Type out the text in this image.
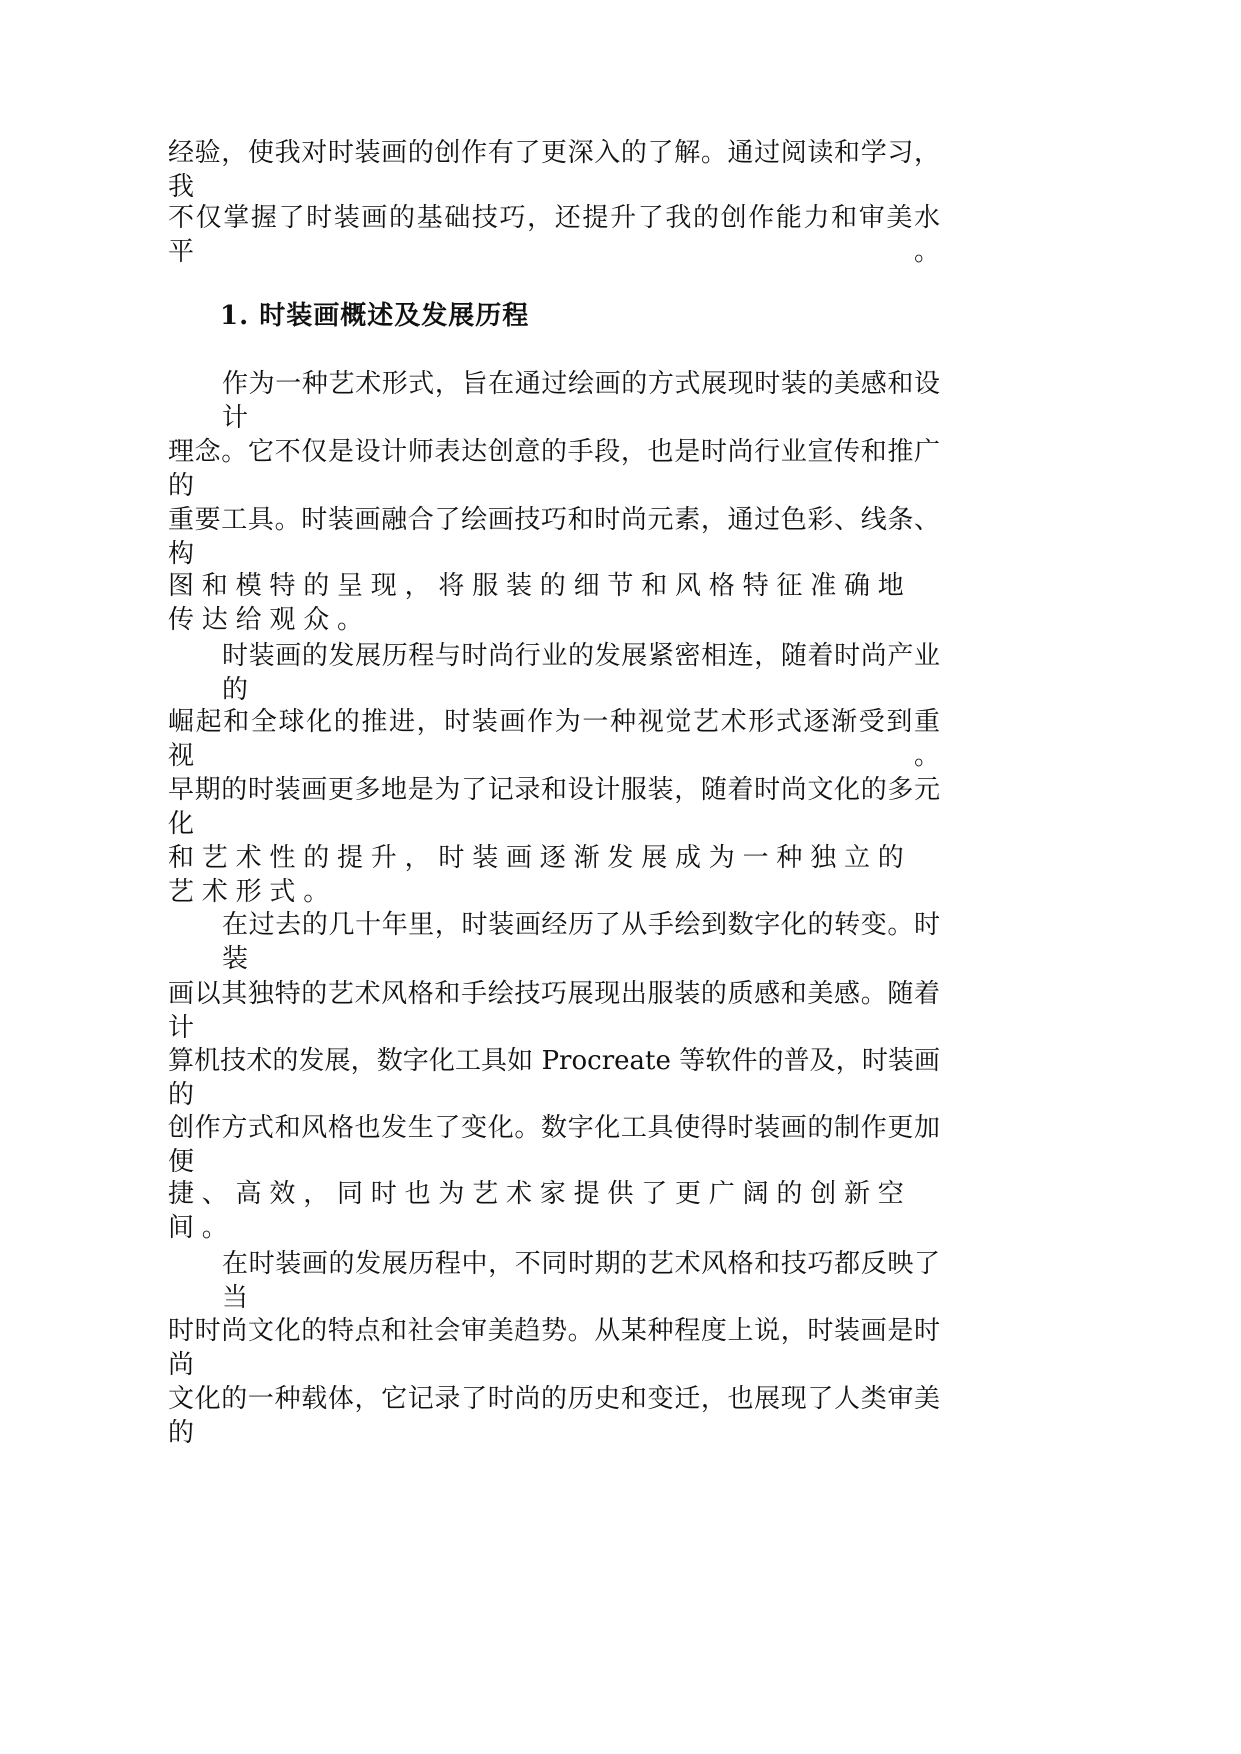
经验，使我对时装画的创作有了更深入的了解。通过阅读和学习，我
不仅掌握了时装画的基础技巧，还提升了我的创作能力和审美水平。
1. 时装画概述及发展历程
作为一种艺术形式，旨在通过绘画的方式展现时装的美感和设计
理念。它不仅是设计师表达创意的手段，也是时尚行业宣传和推广的
重要工具。时装画融合了绘画技巧和时尚元素，通过色彩、线条、构
图和模特的呈现，将服装的细节和风格特征准确地传达给观众。
时装画的发展历程与时尚行业的发展紧密相连，随着时尚产业的
崛起和全球化的推进，时装画作为一种视觉艺术形式逐渐受到重视。
早期的时装画更多地是为了记录和设计服装，随着时尚文化的多元化
和艺术性的提升，时装画逐渐发展成为一种独立的艺术形式。
在过去的几十年里，时装画经历了从手绘到数字化的转变。时装
画以其独特的艺术风格和手绘技巧展现出服装的质感和美感。随着计
算机技术的发展，数字化工具如 Procreate 等软件的普及，时装画的
创作方式和风格也发生了变化。数字化工具使得时装画的制作更加便
捷、高效，同时也为艺术家提供了更广阔的创新空间。
在时装画的发展历程中，不同时期的艺术风格和技巧都反映了当
时时尚文化的特点和社会审美趋势。从某种程度上说，时装画是时尚
文化的一种载体，它记录了时尚的历史和变迁，也展现了人类审美的
